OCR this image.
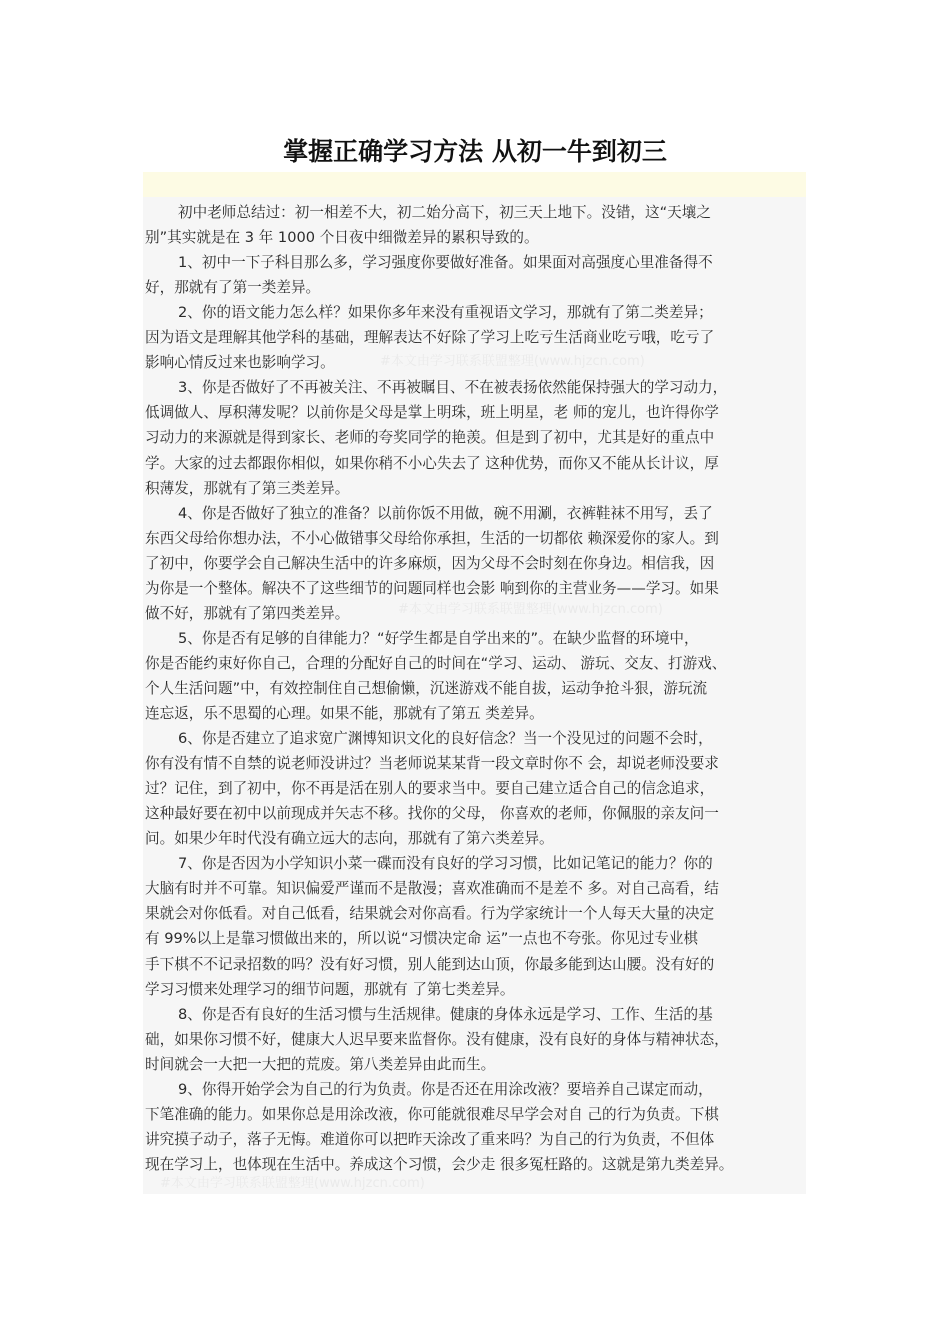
掌握正确学习方法 从初一牛到初三
初中老师总结过：初一相差不大，初二始分高下，初三天上地下。没错，这“天壤之
别”其实就是在 3 年 1000 个日夜中细微差异的累积导致的。
1、初中一下子科目那么多，学习强度你要做好准备。如果面对高强度心里准备得不
好，那就有了第一类差异。
2、你的语文能力怎么样？如果你多年来没有重视语文学习，那就有了第二类差异；
因为语文是理解其他学科的基础，理解表达不好除了学习上吃亏生活商业吃亏哦，吃亏了
影响心情反过来也影响学习。
3、你是否做好了不再被关注、不再被瞩目、不在被表扬依然能保持强大的学习动力，
低调做人、厚积薄发呢？以前你是父母是掌上明珠，班上明星，老 师的宠儿，也许得你学
习动力的来源就是得到家长、老师的夸奖同学的艳羡。但是到了初中，尤其是好的重点中
学。大家的过去都跟你相似，如果你稍不小心失去了 这种优势，而你又不能从长计议，厚
积薄发，那就有了第三类差异。
4、你是否做好了独立的准备？以前你饭不用做，碗不用涮，衣裤鞋袜不用写，丢了
东西父母给你想办法，不小心做错事父母给你承担，生活的一切都依 赖深爱你的家人。到
了初中，你要学会自己解决生活中的许多麻烦，因为父母不会时刻在你身边。相信我，因
为你是一个整体。解决不了这些细节的问题同样也会影 响到你的主营业务——学习。如果
做不好，那就有了第四类差异。
5、你是否有足够的自律能力？“好学生都是自学出来的”。在缺少监督的环境中，
你是否能约束好你自己，合理的分配好自己的时间在“学习、运动、 游玩、交友、打游戏、
个人生活问题”中，有效控制住自己想偷懒，沉迷游戏不能自拔，运动争抢斗狠，游玩流
连忘返，乐不思蜀的心理。如果不能，那就有了第五 类差异。
6、你是否建立了追求宽广渊博知识文化的良好信念？当一个没见过的问题不会时，
你有没有情不自禁的说老师没讲过？当老师说某某背一段文章时你不 会，却说老师没要求
过？记住，到了初中，你不再是活在别人的要求当中。要自己建立适合自己的信念追求，
这种最好要在初中以前现成并矢志不移。找你的父母， 你喜欢的老师，你佩服的亲友问一
问。如果少年时代没有确立远大的志向，那就有了第六类差异。
7、你是否因为小学知识小菜一碟而没有良好的学习习惯，比如记笔记的能力？你的
大脑有时并不可靠。知识偏爱严谨而不是散漫；喜欢准确而不是差不 多。对自己高看，结
果就会对你低看。对自己低看，结果就会对你高看。行为学家统计一个人每天大量的决定
有 99%以上是靠习惯做出来的，所以说“习惯决定命 运”一点也不夸张。你见过专业棋
手下棋不不记录招数的吗？没有好习惯，别人能到达山顶，你最多能到达山腰。没有好的
学习习惯来处理学习的细节问题，那就有 了第七类差异。
8、你是否有良好的生活习惯与生活规律。健康的身体永远是学习、工作、生活的基
础，如果你习惯不好，健康大人迟早要来监督你。没有健康，没有良好的身体与精神状态，
时间就会一大把一大把的荒废。第八类差异由此而生。
9、你得开始学会为自己的行为负责。你是否还在用涂改液？要培养自己谋定而动，
下笔准确的能力。如果你总是用涂改液，你可能就很难尽早学会对自 己的行为负责。下棋
讲究摸子动子，落子无悔。难道你可以把昨天涂改了重来吗？为自己的行为负责，不但体
现在学习上，也体现在生活中。养成这个习惯，会少走 很多冤枉路的。这就是第九类差异。
#本文由学习联系联盟整理(www.hjzcn.com)
#本文由学习联系联盟整理(www.hjzcn.com)
#本文由学习联系联盟整理(www.hjzcn.com)
